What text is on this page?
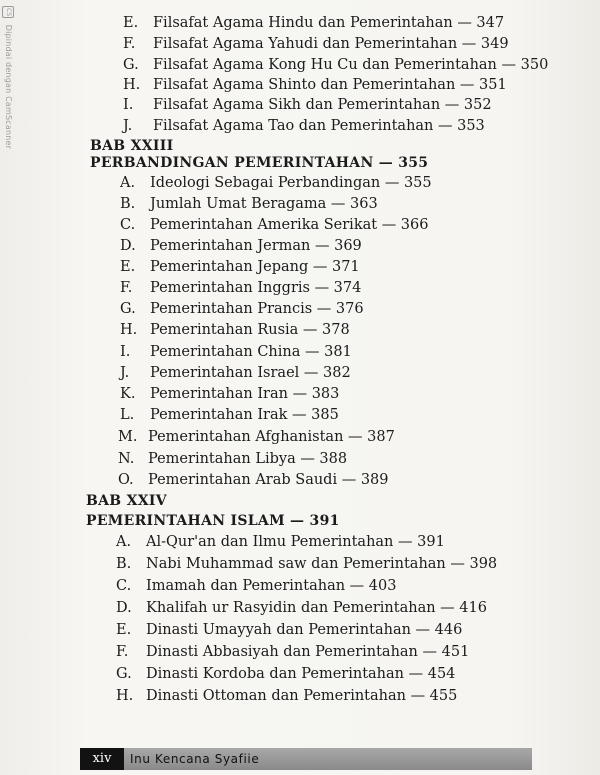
CS Dipindai dengan CamScanner
E. Filsafat Agama Hindu dan Pemerintahan — 347
F. Filsafat Agama Yahudi dan Pemerintahan — 349
G. Filsafat Agama Kong Hu Cu dan Pemerintahan — 350
H. Filsafat Agama Shinto dan Pemerintahan — 351
I. Filsafat Agama Sikh dan Pemerintahan — 352
J. Filsafat Agama Tao dan Pemerintahan — 353
BAB XXIII
PERBANDINGAN PEMERINTAHAN — 355
A. Ideologi Sebagai Perbandingan — 355
B. Jumlah Umat Beragama — 363
C. Pemerintahan Amerika Serikat — 366
D. Pemerintahan Jerman — 369
E. Pemerintahan Jepang — 371
F. Pemerintahan Inggris — 374
G. Pemerintahan Prancis — 376
H. Pemerintahan Rusia — 378
I. Pemerintahan China — 381
J. Pemerintahan Israel — 382
K. Pemerintahan Iran — 383
L. Pemerintahan Irak — 385
M. Pemerintahan Afghanistan — 387
N. Pemerintahan Libya — 388
O. Pemerintahan Arab Saudi — 389
BAB XXIV
PEMERINTAHAN ISLAM — 391
A. Al-Qur'an dan Ilmu Pemerintahan — 391
B. Nabi Muhammad saw dan Pemerintahan — 398
C. Imamah dan Pemerintahan — 403
D. Khalifah ur Rasyidin dan Pemerintahan — 416
E. Dinasti Umayyah dan Pemerintahan — 446
F. Dinasti Abbasiyah dan Pemerintahan — 451
G. Dinasti Kordoba dan Pemerintahan — 454
H. Dinasti Ottoman dan Pemerintahan — 455
xiv	Inu Kencana Syafiie
